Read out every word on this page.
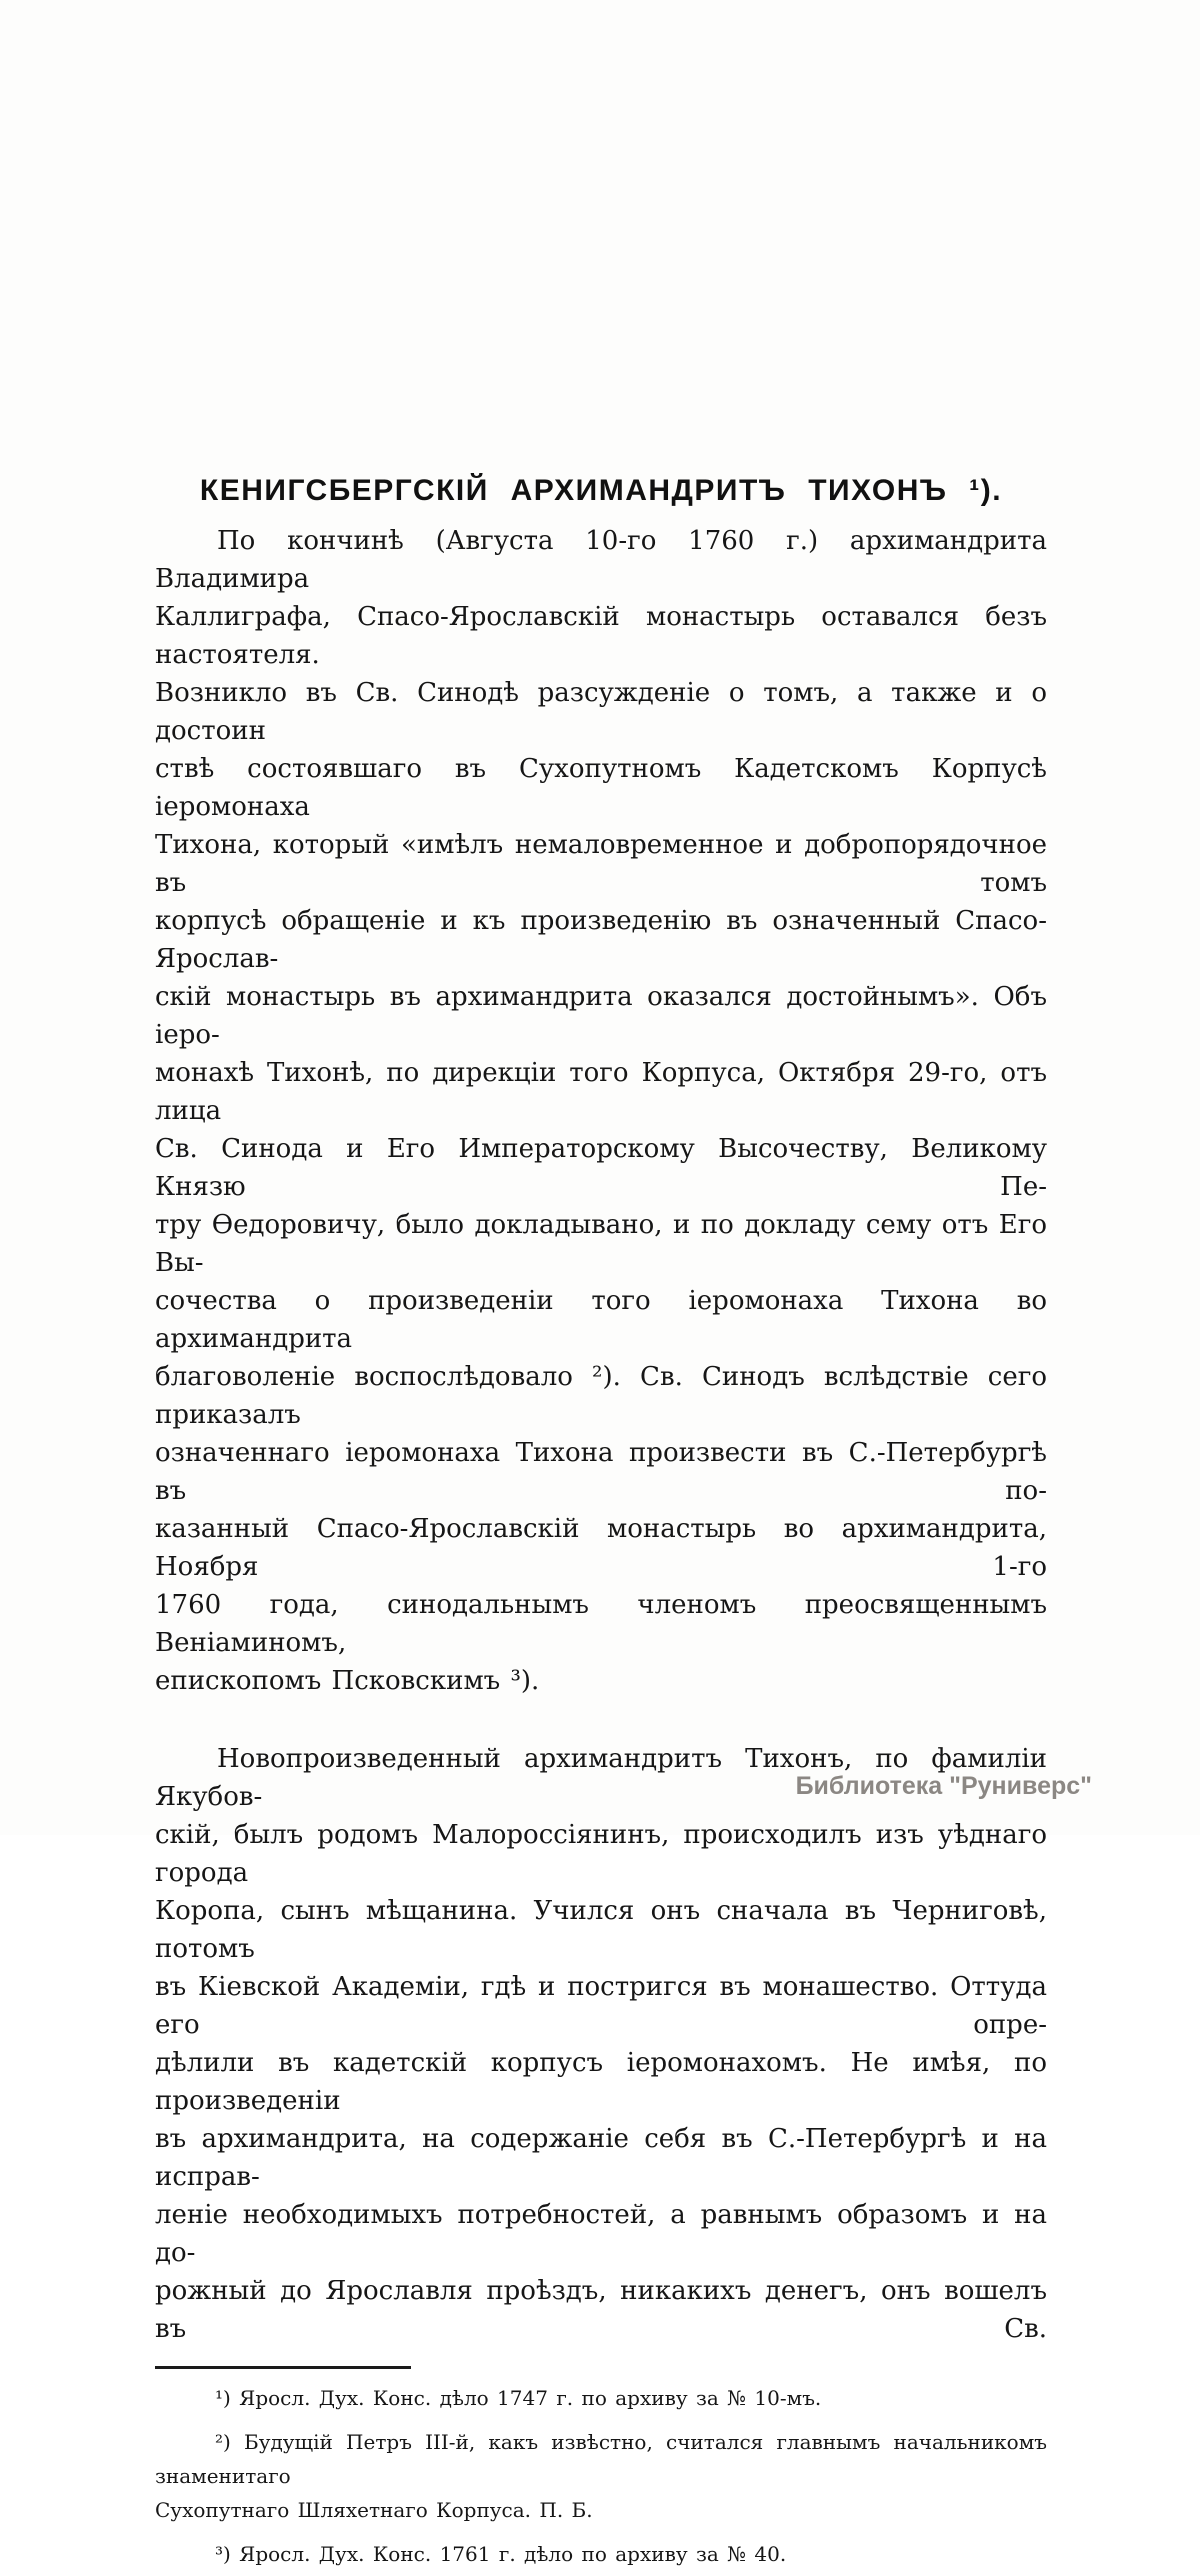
КЕНИГСБЕРГСКІЙ АРХИМАНДРИТЪ ТИХОНЪ ¹).
По кончинѣ (Августа 10-го 1760 г.) архимандрита Владимира
Каллиграфа, Спасо-Ярославскій монастырь оставался безъ настоятеля.
Возникло въ Св. Синодѣ разсужденіе о томъ, а также и о достоин
ствѣ состоявшаго въ Сухопутномъ Кадетскомъ Корпусѣ іеромонаха
Тихона, который «имѣлъ немаловременное и добропорядочное въ томъ
корпусѣ обращеніе и къ произведенію въ означенный Спасо-Ярослав-
скій монастырь въ архимандрита оказался достойнымъ». Объ іеро-
монахѣ Тихонѣ, по дирекціи того Корпуса, Октября 29-го, отъ лица
Св. Синода и Его Императорскому Высочеству, Великому Князю Пе-
тру Ѳедоровичу, было докладывано, и по докладу сему отъ Его Вы-
сочества о произведеніи того іеромонаха Тихона во архимандрита
благоволеніе воспослѣдовало ²). Св. Синодъ вслѣдствіе сего приказалъ
означеннаго іеромонаха Тихона произвести въ С.-Петербургѣ въ по-
казанный Спасо-Ярославскій монастырь во архимандрита, Ноября 1-го
1760 года, синодальнымъ членомъ преосвященнымъ Веніаминомъ,
епископомъ Псковскимъ ³).
Новопроизведенный архимандритъ Тихонъ, по фамиліи Якубов-
скій, былъ родомъ Малороссіянинъ, происходилъ изъ уѣднаго города
Коропа, сынъ мѣщанина. Учился онъ сначала въ Черниговѣ, потомъ
въ Кіевской Академіи, гдѣ и постригся въ монашество. Оттуда его опре-
дѣлили въ кадетскій корпусъ іеромонахомъ. Не имѣя, по произведеніи
въ архимандрита, на содержаніе себя въ С.-Петербургѣ и на исправ-
леніе необходимыхъ потребностей, а равнымъ образомъ и на до-
рожный до Ярославля проѣздъ, никакихъ денегъ, онъ вошелъ въ Св.
¹) Яросл. Дух. Конс. дѣло 1747 г. по архиву за № 10-мъ.
²) Будущій Петръ III-й, какъ извѣстно, считался главнымъ начальникомъ знаменитаго
Сухопутнаго Шляхетнаго Корпуса. П. Б.
³) Яросл. Дух. Конс. 1761 г. дѣло по архиву за № 40.
Библиотека "Руниверс"
